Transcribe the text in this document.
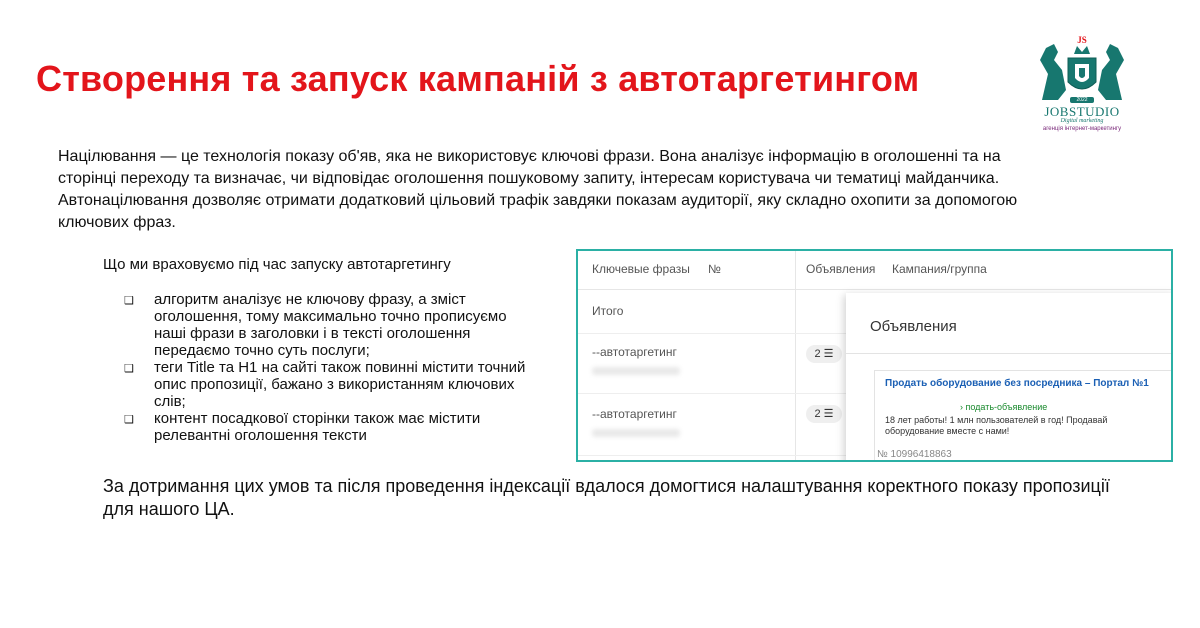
Створення та запуск кампаній з автотаргетингом
JS
2022
JOBSTUDIO
Digital marketing
агенція інтернет-маркетингу

Націлювання — це технологія показу об'яв, яка не використовує ключові фрази. Вона аналізує інформацію в оголошенні та на сторінці переходу та визначає, чи відповідає оголошення пошуковому запиту, інтересам користувача чи тематиці майданчика.

Автонацілювання дозволяє отримати додатковий цільовий трафік завдяки показам аудиторії, яку складно охопити за допомогою ключових фраз.

Що ми враховуємо під час запуску автотаргетингу

❑ алгоритм аналізує не ключову фразу, а зміст оголошення, тому максимально точно прописуємо наші фрази в заголовки і в тексті оголошення передаємо точно суть послуги;
❑ теги Title та H1 на сайті також повинні містити точний опис пропозиції, бажано з використанням ключових слів;
❑ контент посадкової сторінки також має містити релевантні оголошення тексти

За дотримання цих умов та після проведення індексації вдалося домогтися налаштування коректного показу пропозиції для нашого ЦА.

Ключевые фразы №	Объявления Кампания/группа
Итого
--автотаргетинг	2 ☰
--автотаргетинг	2 ☰
Объявления
Продать оборудование без посредника – Портал №1
› подать-объявление
18 лет работы! 1 млн пользователей в год! Продавай оборудование вместе с нами!
№ 10996418863
